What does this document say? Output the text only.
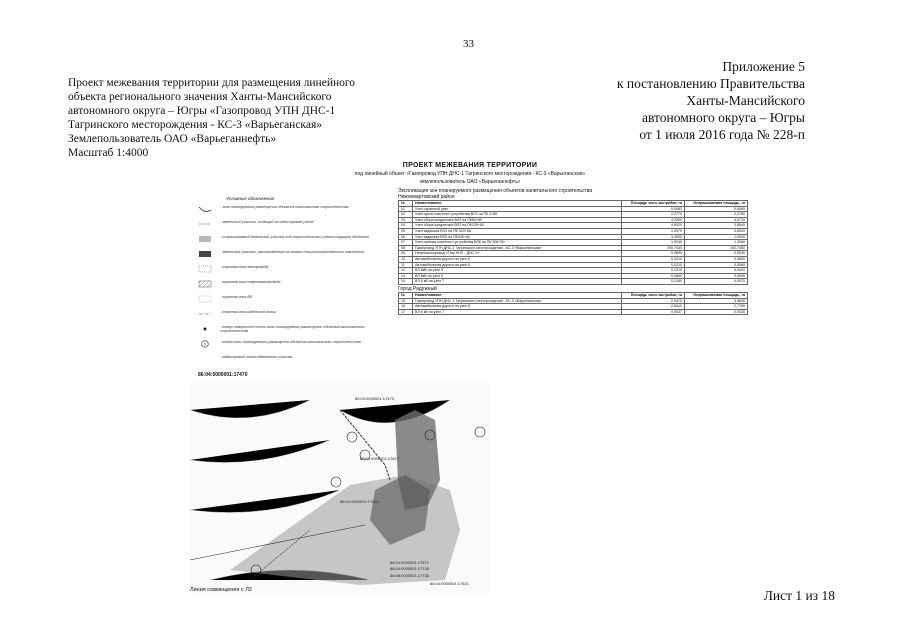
33
Приложение 5
к постановлению Правительства
Ханты-Мансийского
автономного округа – Югры
от 1 июля 2016 года № 228-п
Проект межевания территории для размещения линейного
объекта регионального значения Ханты-Мансийского
автономного округа – Югры «Газопровод УПН ДНС-1
Тагринского месторождения - КС-3 «Варьеганская»
Землепользователь ОАО «Варьеганнефть»
Масштаб 1:4000
ПРОЕКТ МЕЖЕВАНИЯ ТЕРРИТОРИИ
под линейный объект «Газопровод УПН ДНС-1 Тагринского месторождения - КС-3 «Варьеганская»
землепользователь ОАО «Варьеганнефть»
Условные обозначения
- зона планируемого размещения объектов капитального строительства
- земельный участок, стоящий на кадастровом учете
- испрашиваемый земельный участок под строительство и реконструкцию объектов
- земельные участки, расположенные на землях сельскохозяйственного назначения
- охранная зона газопровода
- охранная зона нефтегазопровода
- охранная зона ВЛ
- охранная зона кабельной линии
- номер поворотной точки зоны планируемого размещения объектов капитального строительства
1	- номер зоны планируемого размещения объектов капитального строительства
- кадастровый номер земельного участка
86:04:0000001:17470
Экспликация зон планируемого размещения объектов капитального строительства
Нижневартовский район
№	Наименование	Площадь зоны застройки, га	Испрашиваемая площадь, га
01	Узел охранный узел	0,0062	0,0060
02	Узел пуска очистного устройства ВЛ1 на ПК 1+80	2,3770	2,3780
03	Узел сбора конденсата ВЛ2 на ПК52+60	4,2000	4,0710
04	Узел сбора конденсата ВЛ3 на ПК105+60	4,9520	3,8640
05	Узел задвижек ВЛ4 на ПК 343+5А	3,3970	3,8520
06	Узел задвижек ВЛ5 на ПК40Б+60	3,4500	1,6540
07	Узел приема очистного устройства ВЛ6 на ПК 308+50	1,9240	1,3060
08	Газопровод УПН ДНС-1 Тагринского месторождения - КС-3 «Варьеганская»	190,7440	192,7450
09	Нефтегазопровод «Тагр.КНС - ДНС-1»	0,0890	0,0030
10	Автомобильная дорога на узел 5	0,0210	0,3600
11	Автомобильная дорога на узел 6	0,0210	0,0080
12	ВЛ 6кВ на узел 5	0,1210	0,0000
13	ВЛ 6кВ на узел 6	0,0600	0,0000
14	ВЛ 6 кВ на узел 7	0,1340	0,0070
Город Радужный
№	Наименование	Площадь зоны застройки, га	Испрашиваемая площадь, га
15	Газопровод УПН ДНС-1 Тагринского месторождения - КС-3 «Варьеганская»	2,9470	3,5630
16	Автомобильная дорога на узел 6	2,8410	2,7790
17	ВЛ 6 кВ на узел 7	0,0037	0,0030
86:04:0000001:17470
86:04:0000001:17617
86:04:0000001:17621
86:04:0000001:17671
86:04:0000001:17735
86:08:0000001:17736
86:04:0000001:17621
Линия совмещения с Л2	Лист 1 из 18
